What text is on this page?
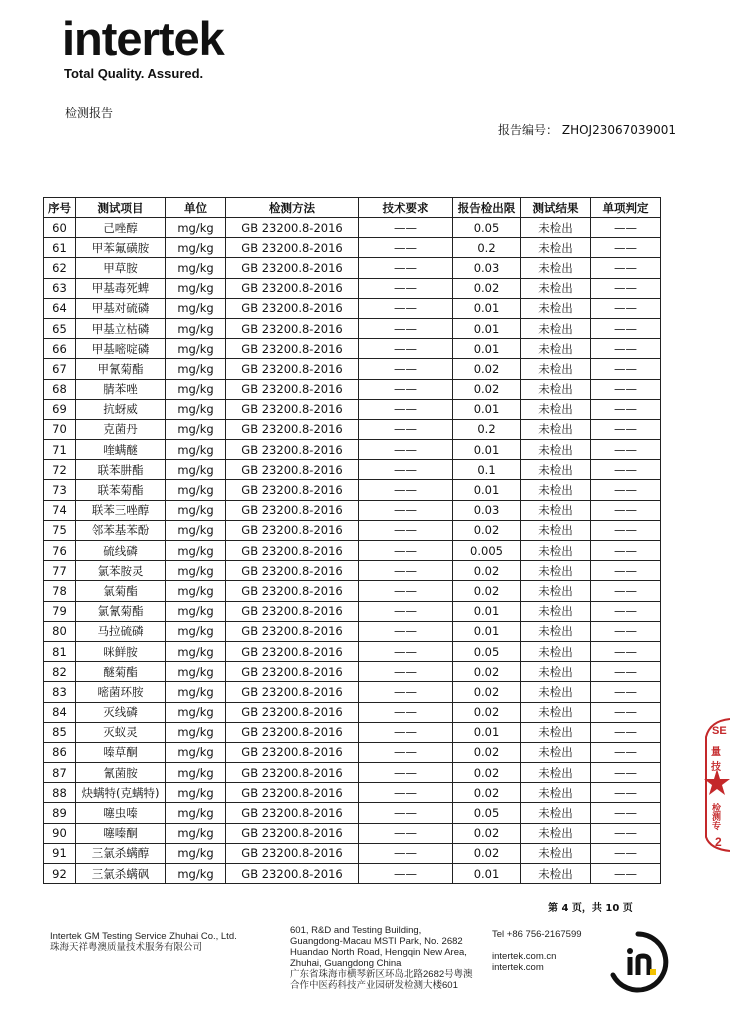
intertek
Total Quality. Assured.
检测报告
报告编号： ZHOJ23067039001
序号	测试项目	单位	检测方法	技术要求	报告检出限	测试结果	单项判定
60	己唑醇	mg/kg	GB 23200.8-2016	——	0.05	未检出	——
61	甲苯氟磺胺	mg/kg	GB 23200.8-2016	——	0.2	未检出	——
62	甲草胺	mg/kg	GB 23200.8-2016	——	0.03	未检出	——
63	甲基毒死蜱	mg/kg	GB 23200.8-2016	——	0.02	未检出	——
64	甲基对硫磷	mg/kg	GB 23200.8-2016	——	0.01	未检出	——
65	甲基立枯磷	mg/kg	GB 23200.8-2016	——	0.01	未检出	——
66	甲基嘧啶磷	mg/kg	GB 23200.8-2016	——	0.01	未检出	——
67	甲氰菊酯	mg/kg	GB 23200.8-2016	——	0.02	未检出	——
68	腈苯唑	mg/kg	GB 23200.8-2016	——	0.02	未检出	——
69	抗蚜威	mg/kg	GB 23200.8-2016	——	0.01	未检出	——
70	克菌丹	mg/kg	GB 23200.8-2016	——	0.2	未检出	——
71	喹螨醚	mg/kg	GB 23200.8-2016	——	0.01	未检出	——
72	联苯肼酯	mg/kg	GB 23200.8-2016	——	0.1	未检出	——
73	联苯菊酯	mg/kg	GB 23200.8-2016	——	0.01	未检出	——
74	联苯三唑醇	mg/kg	GB 23200.8-2016	——	0.03	未检出	——
75	邻苯基苯酚	mg/kg	GB 23200.8-2016	——	0.02	未检出	——
76	硫线磷	mg/kg	GB 23200.8-2016	——	0.005	未检出	——
77	氯苯胺灵	mg/kg	GB 23200.8-2016	——	0.02	未检出	——
78	氯菊酯	mg/kg	GB 23200.8-2016	——	0.02	未检出	——
79	氯氰菊酯	mg/kg	GB 23200.8-2016	——	0.01	未检出	——
80	马拉硫磷	mg/kg	GB 23200.8-2016	——	0.01	未检出	——
81	咪鲜胺	mg/kg	GB 23200.8-2016	——	0.05	未检出	——
82	醚菊酯	mg/kg	GB 23200.8-2016	——	0.02	未检出	——
83	嘧菌环胺	mg/kg	GB 23200.8-2016	——	0.02	未检出	——
84	灭线磷	mg/kg	GB 23200.8-2016	——	0.02	未检出	——
85	灭蚁灵	mg/kg	GB 23200.8-2016	——	0.01	未检出	——
86	嗪草酮	mg/kg	GB 23200.8-2016	——	0.02	未检出	——
87	氰菌胺	mg/kg	GB 23200.8-2016	——	0.02	未检出	——
88	炔螨特(克螨特)	mg/kg	GB 23200.8-2016	——	0.02	未检出	——
89	噻虫嗪	mg/kg	GB 23200.8-2016	——	0.05	未检出	——
90	噻嗪酮	mg/kg	GB 23200.8-2016	——	0.02	未检出	——
91	三氯杀螨醇	mg/kg	GB 23200.8-2016	——	0.02	未检出	——
92	三氯杀螨砜	mg/kg	GB 23200.8-2016	——	0.01	未检出	——
第 4 页，共 10 页
Intertek GM Testing Service Zhuhai Co., Ltd.
珠海天祥粤澳质量技术服务有限公司
601, R&D and Testing Building,
Guangdong-Macau MSTI Park, No. 2682
Huandao North Road, Hengqin New Area,
Zhuhai, Guangdong China
广东省珠海市横琴新区环岛北路2682号粤澳
合作中医药科技产业园研发检测大楼601
Tel +86 756-2167599
intertek.com.cn
intertek.com
SE
量技
检测专
2
